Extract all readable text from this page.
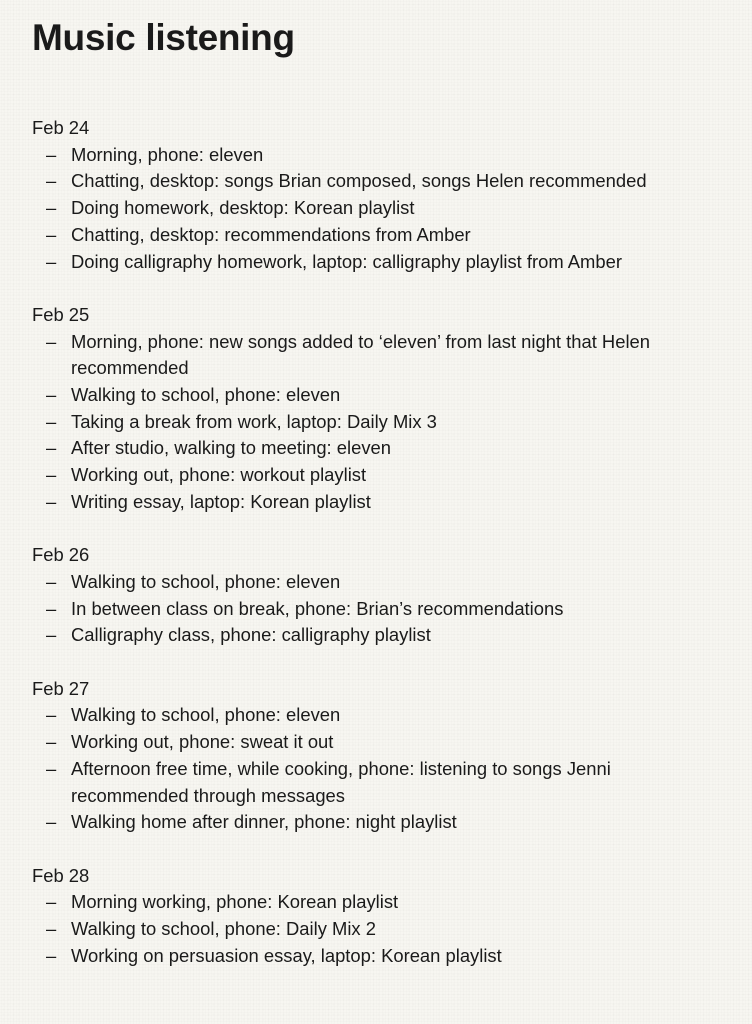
Music listening
Feb 24
– Morning, phone: eleven
– Chatting, desktop: songs Brian composed, songs Helen recommended
– Doing homework, desktop: Korean playlist
– Chatting, desktop: recommendations from Amber
– Doing calligraphy homework, laptop: calligraphy playlist from Amber
Feb 25
– Morning, phone: new songs added to ‘eleven’ from last night that Helen recommended
– Walking to school, phone: eleven
– Taking a break from work, laptop: Daily Mix 3
– After studio, walking to meeting: eleven
– Working out, phone: workout playlist
– Writing essay, laptop: Korean playlist
Feb 26
– Walking to school, phone: eleven
– In between class on break, phone: Brian’s recommendations
– Calligraphy class, phone: calligraphy playlist
Feb 27
– Walking to school, phone: eleven
– Working out, phone: sweat it out
– Afternoon free time, while cooking, phone: listening to songs Jenni recommended through messages
– Walking home after dinner, phone: night playlist
Feb 28
– Morning working, phone: Korean playlist
– Walking to school, phone: Daily Mix 2
– Working on persuasion essay, laptop: Korean playlist
